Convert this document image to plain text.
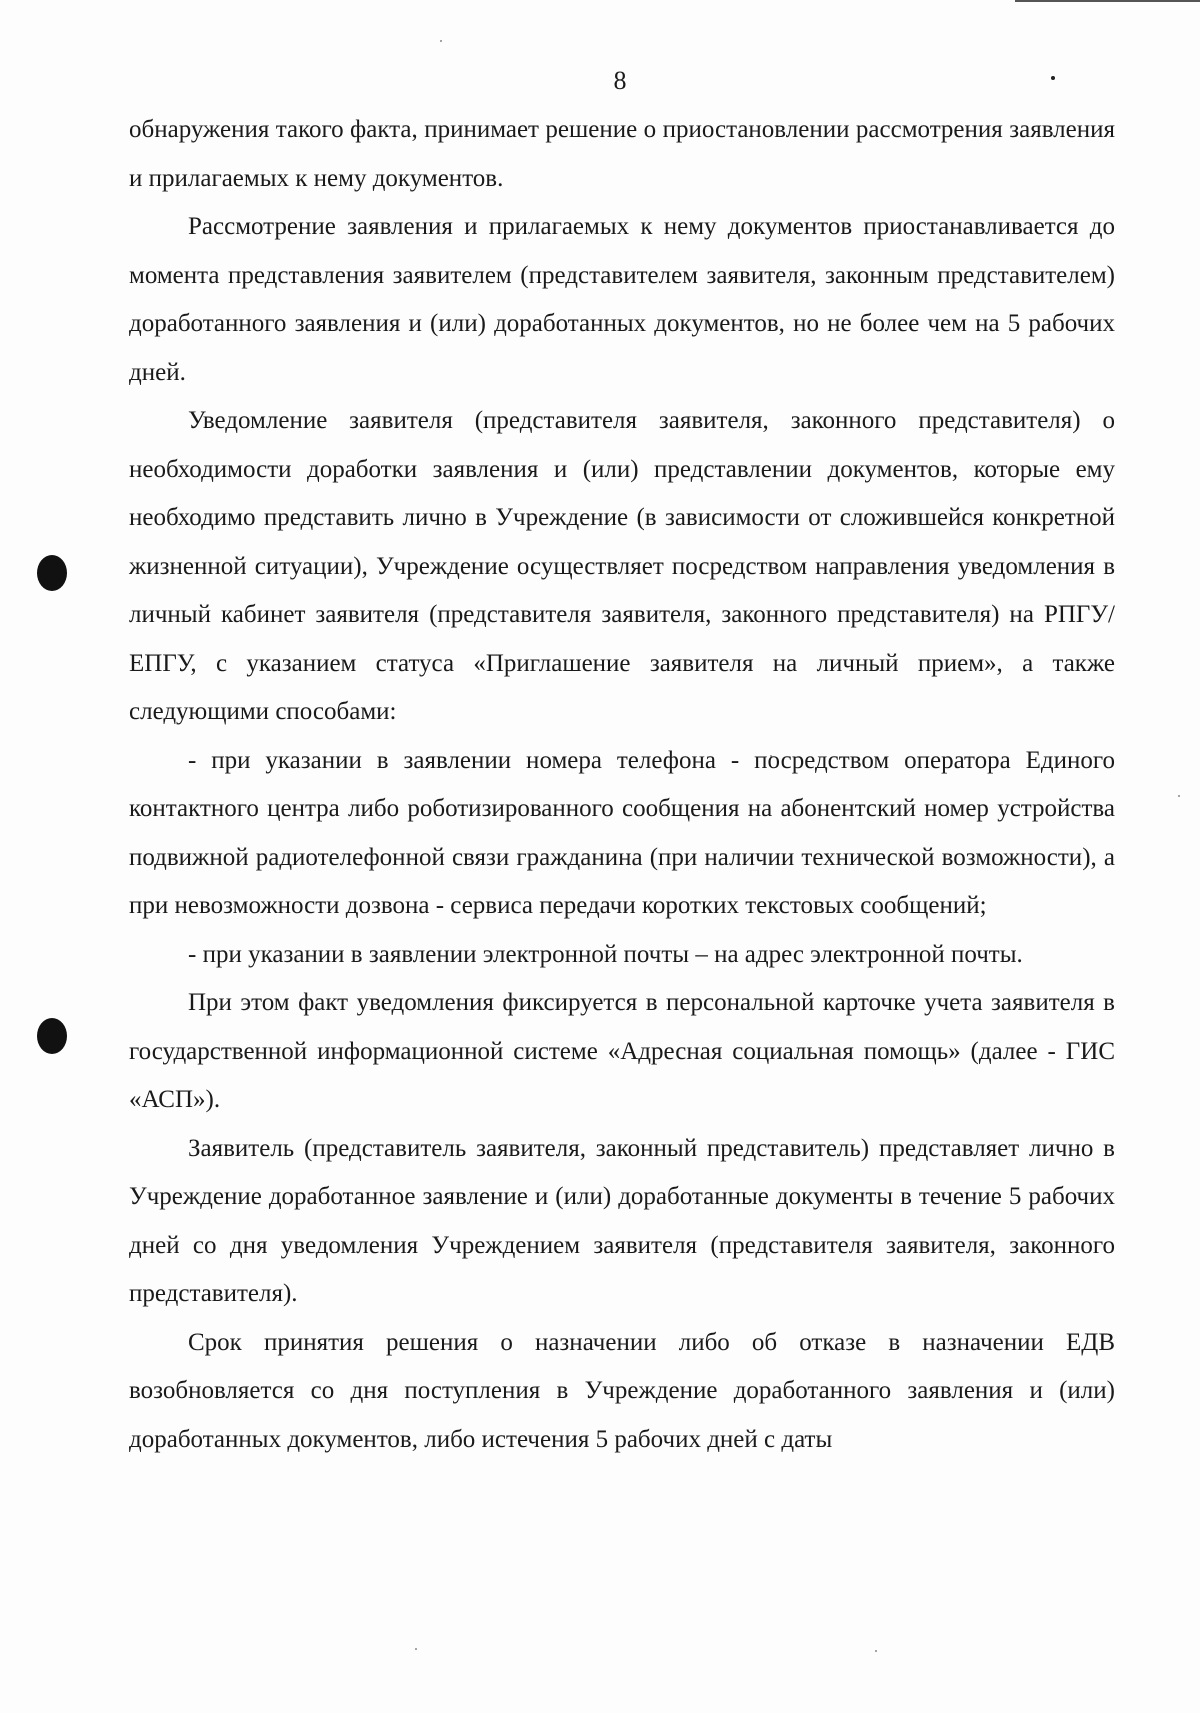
8

обнаружения такого факта, принимает решение о приостановлении рассмотрения заявления и прилагаемых к нему документов.

Рассмотрение заявления и прилагаемых к нему документов приостанавливается до момента представления заявителем (представителем заявителя, законным представителем) доработанного заявления и (или) доработанных документов, но не более чем на 5 рабочих дней.

Уведомление заявителя (представителя заявителя, законного представителя) о необходимости доработки заявления и (или) представлении документов, которые ему необходимо представить лично в Учреждение (в зависимости от сложившейся конкретной жизненной ситуации), Учреждение осуществляет посредством направления уведомления в личный кабинет заявителя (представителя заявителя, законного представителя) на РПГУ/ЕПГУ, с указанием статуса «Приглашение заявителя на личный прием», а также следующими способами:

- при указании в заявлении номера телефона - посредством оператора Единого контактного центра либо роботизированного сообщения на абонентский номер устройства подвижной радиотелефонной связи гражданина (при наличии технической возможности), а при невозможности дозвона - сервиса передачи коротких текстовых сообщений;

- при указании в заявлении электронной почты – на адрес электронной почты.

При этом факт уведомления фиксируется в персональной карточке учета заявителя в государственной информационной системе «Адресная социальная помощь» (далее - ГИС «АСП»).

Заявитель (представитель заявителя, законный представитель) представляет лично в Учреждение доработанное заявление и (или) доработанные документы в течение 5 рабочих дней со дня уведомления Учреждением заявителя (представителя заявителя, законного представителя).

Срок принятия решения о назначении либо об отказе в назначении ЕДВ возобновляется со дня поступления в Учреждение доработанного заявления и (или) доработанных документов, либо истечения 5 рабочих дней с даты
